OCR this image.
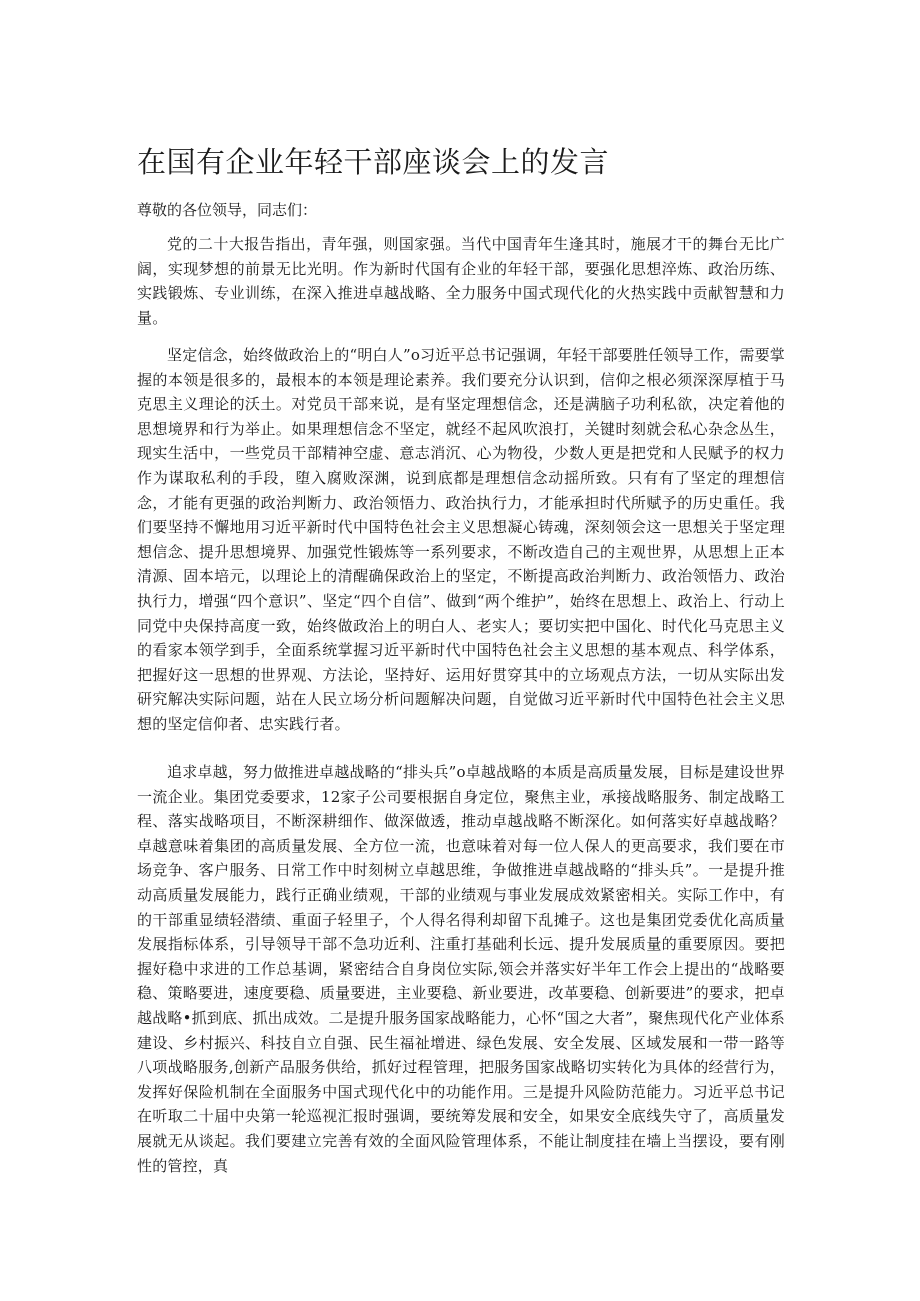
在国有企业年轻干部座谈会上的发言

尊敬的各位领导，同志们：

党的二十大报告指出，青年强，则国家强。当代中国青年生逢其时，施展才干的舞台无比广阔，实现梦想的前景无比光明。作为新时代国有企业的年轻干部，要强化思想淬炼、政治历练、实践锻炼、专业训练，在深入推进卓越战略、全力服务中国式现代化的火热实践中贡献智慧和力量。

坚定信念，始终做政治上的“明白人”o习近平总书记强调，年轻干部要胜任领导工作，需要掌握的本领是很多的，最根本的本领是理论素养。我们要充分认识到，信仰之根必须深深厚植于马克思主义理论的沃土。对党员干部来说，是有坚定理想信念，还是满脑子功利私欲，决定着他的思想境界和行为举止。如果理想信念不坚定，就经不起风吹浪打，关键时刻就会私心杂念丛生，现实生活中，一些党员干部精神空虚、意志消沉、心为物役，少数人更是把党和人民赋予的权力作为谋取私利的手段，堕入腐败深渊，说到底都是理想信念动摇所致。只有有了坚定的理想信念，才能有更强的政治判断力、政治领悟力、政治执行力，才能承担时代所赋予的历史重任。我们要坚持不懈地用习近平新时代中国特色社会主义思想凝心铸魂，深刻领会这一思想关于坚定理想信念、提升思想境界、加强党性锻炼等一系列要求，不断改造自己的主观世界，从思想上正本清源、固本培元，以理论上的清醒确保政治上的坚定，不断提高政治判断力、政治领悟力、政治执行力，增强“四个意识”、坚定“四个自信”、做到“两个维护”，始终在思想上、政治上、行动上同党中央保持高度一致，始终做政治上的明白人、老实人；要切实把中国化、时代化马克思主义的看家本领学到手，全面系统掌握习近平新时代中国特色社会主义思想的基本观点、科学体系，把握好这一思想的世界观、方法论，坚持好、运用好贯穿其中的立场观点方法，一切从实际出发研究解决实际问题，站在人民立场分析问题解决问题，自觉做习近平新时代中国特色社会主义思想的坚定信仰者、忠实践行者。

追求卓越，努力做推进卓越战略的“排头兵”o卓越战略的本质是高质量发展，目标是建设世界一流企业。集团党委要求，12家子公司要根据自身定位，聚焦主业，承接战略服务、制定战略工程、落实战略项目，不断深耕细作、做深做透，推动卓越战略不断深化。如何落实好卓越战略？卓越意味着集团的高质量发展、全方位一流，也意味着对每一位人保人的更高要求，我们要在市场竞争、客户服务、日常工作中时刻树立卓越思维，争做推进卓越战略的“排头兵”。一是提升推动高质量发展能力，践行正确业绩观，干部的业绩观与事业发展成效紧密相关。实际工作中，有的干部重显绩轻潜绩、重面子轻里子，个人得名得利却留下乱摊子。这也是集团党委优化高质量发展指标体系，引导领导干部不急功近利、注重打基础利长远、提升发展质量的重要原因。要把握好稳中求进的工作总基调，紧密结合自身岗位实际,领会并落实好半年工作会上提出的“战略要稳、策略要进，速度要稳、质量要进，主业要稳、新业要进，改革要稳、创新要进”的要求，把卓越战略•抓到底、抓出成效。二是提升服务国家战略能力，心怀“国之大者”，聚焦现代化产业体系建设、乡村振兴、科技自立自强、民生福祉增进、绿色发展、安全发展、区域发展和一带一路等八项战略服务,创新产品服务供给，抓好过程管理，把服务国家战略切实转化为具体的经营行为，发挥好保险机制在全面服务中国式现代化中的功能作用。三是提升风险防范能力。习近平总书记在听取二十届中央第一轮巡视汇报时强调，要统筹发展和安全，如果安全底线失守了，高质量发展就无从谈起。我们要建立完善有效的全面风险管理体系，不能让制度挂在墙上当摆设，要有刚性的管控，真
